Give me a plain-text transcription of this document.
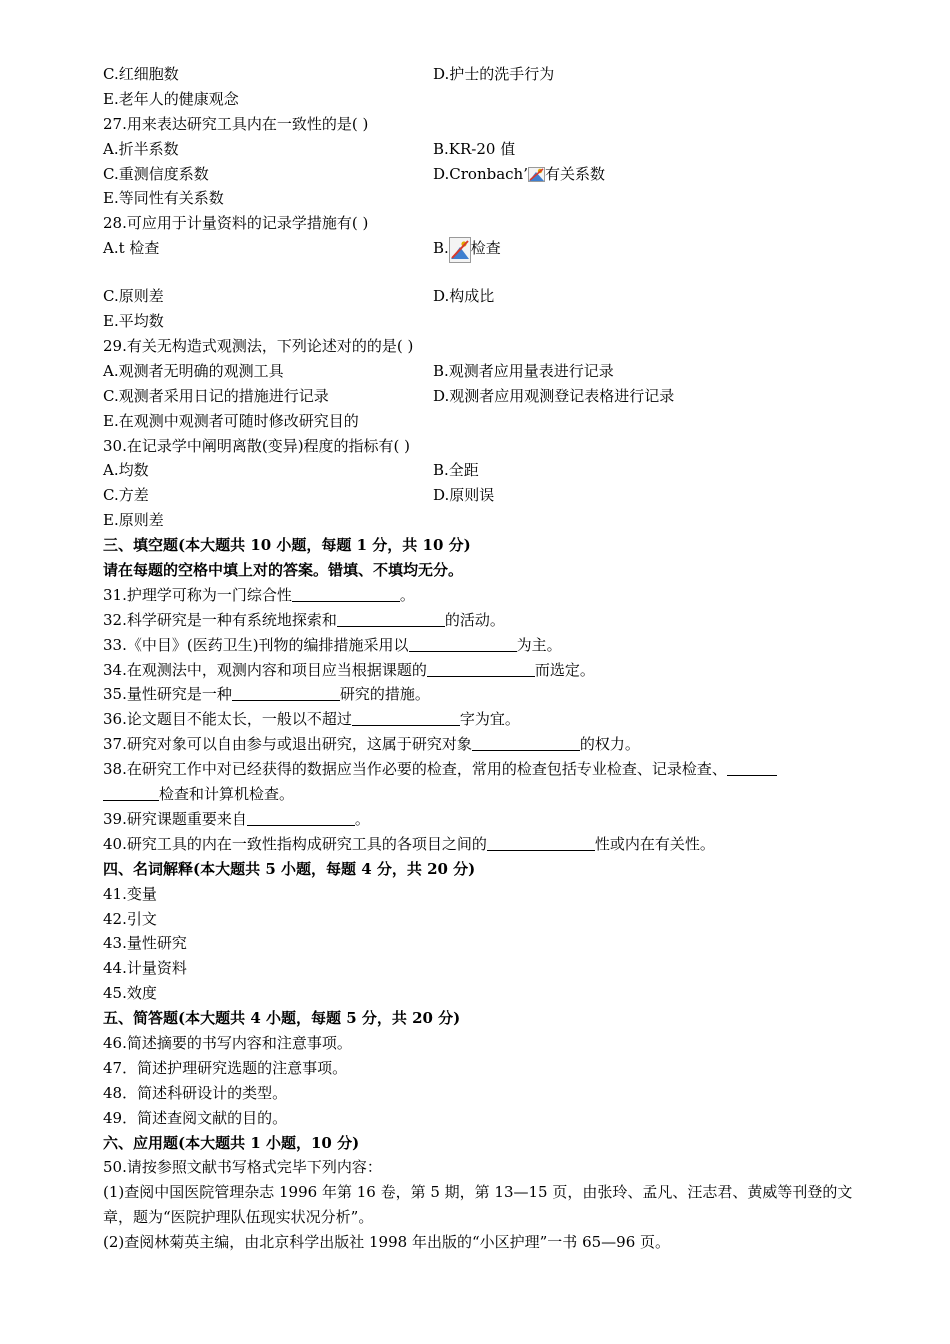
C.红细胞数	D.护士的洗手行为
E.老年人的健康观念
27.用来表达研究工具内在一致性的是( )
A.折半系数	B.KR-20 值
C.重测信度系数	D.Cronbach’ 有关系数
E.等同性有关系数
28.可应用于计量资料的记录学措施有( )
A.t 检查	B. 检查
C.原则差	D.构成比
E.平均数
29.有关无构造式观测法，下列论述对的的是( )
A.观测者无明确的观测工具	B.观测者应用量表进行记录
C.观测者采用日记的措施进行记录	D.观测者应用观测登记表格进行记录
E.在观测中观测者可随时修改研究目的
30.在记录学中阐明离散(变异)程度的指标有( )
A.均数	B.全距
C.方差	D.原则误
E.原则差
三、填空题(本大题共 10 小题，每题 1 分，共 10 分)
请在每题的空格中填上对的答案。错填、不填均无分。
31.护理学可称为一门综合性	。
32.科学研究是一种有系统地探索和	的活动。
33.《中目》(医药卫生)刊物的编排措施采用以	为主。
34.在观测法中，观测内容和项目应当根据课题的	而选定。
35.量性研究是一种	研究的措施。
36.论文题目不能太长，一般以不超过	字为宜。
37.研究对象可以自由参与或退出研究，这属于研究对象	的权力。
38.在研究工作中对已经获得的数据应当作必要的检查，常用的检查包括专业检查、记录检查、
检查和计算机检查。
39.研究课题重要来自	。
40.研究工具的内在一致性指构成研究工具的各项目之间的	性或内在有关性。
四、名词解释(本大题共 5 小题，每题 4 分，共 20 分)
41.变量
42.引文
43.量性研究
44.计量资料
45.效度
五、简答题(本大题共 4 小题，每题 5 分，共 20 分)
46.简述摘要的书写内容和注意事项。
47．简述护理研究选题的注意事项。
48．简述科研设计的类型。
49．简述查阅文献的目的。
六、应用题(本大题共 1 小题，10 分)
50.请按参照文献书写格式完毕下列内容：
(1)查阅中国医院管理杂志 1996 年第 16 卷，第 5 期，第 13—15 页，由张玲、孟凡、汪志君、黄威等刊登的文章，题为“医院护理队伍现实状况分析”。
(2)查阅林菊英主编，由北京科学出版社 1998 年出版的“小区护理”一书 65—96 页。
